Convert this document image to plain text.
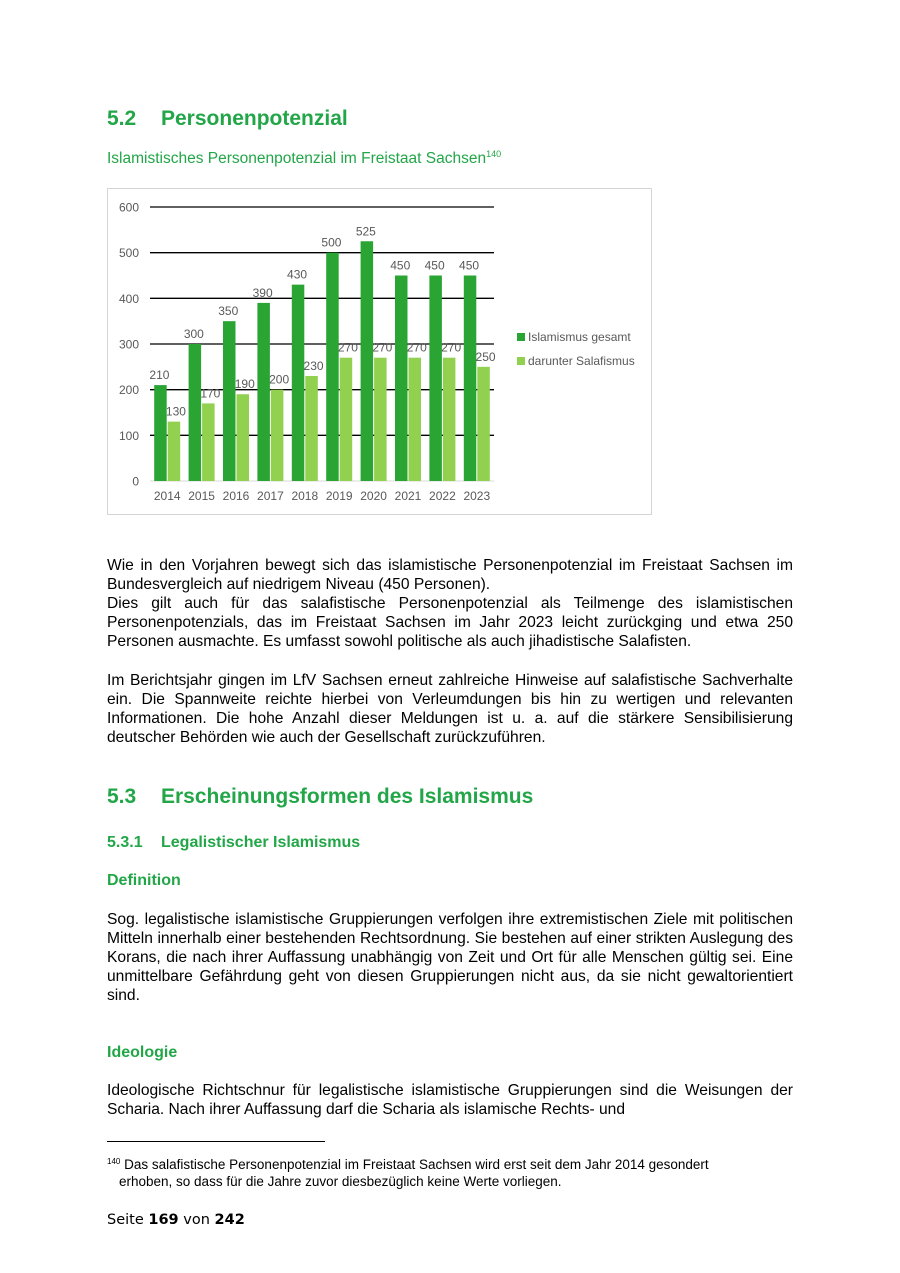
5.2 Personenpotenzial
Islamistisches Personenpotenzial im Freistaat Sachsen$^{140}$
0
100
200
300
400
500
600
2014
210
130
2015
300
170
2016
350
190
2017
390
200
2018
430
230
2019
500
270
2020
525
270
2021
450
270
2022
450
270
2023
450
250
Islamismus gesamt
darunter Salafismus
Wie in den Vorjahren bewegt sich das islamistische Personenpotenzial im Freistaat Sachsen im Bundesvergleich auf niedrigem Niveau (450 Personen).
Dies gilt auch für das salafistische Personenpotenzial als Teilmenge des islamistischen Personenpotenzials, das im Freistaat Sachsen im Jahr 2023 leicht zurückging und etwa 250 Personen ausmachte. Es umfasst sowohl politische als auch jihadistische Salafisten.
Im Berichtsjahr gingen im LfV Sachsen erneut zahlreiche Hinweise auf salafistische Sachverhalte ein. Die Spannweite reichte hierbei von Verleumdungen bis hin zu wertigen und relevanten Informationen. Die hohe Anzahl dieser Meldungen ist u. a. auf die stärkere Sensibilisierung deutscher Behörden wie auch der Gesellschaft zurückzuführen.
5.3 Erscheinungsformen des Islamismus
5.3.1 Legalistischer Islamismus
Definition
Sog. legalistische islamistische Gruppierungen verfolgen ihre extremistischen Ziele mit politischen Mitteln innerhalb einer bestehenden Rechtsordnung. Sie bestehen auf einer strikten Auslegung des Korans, die nach ihrer Auffassung unabhängig von Zeit und Ort für alle Menschen gültig sei. Eine unmittelbare Gefährdung geht von diesen Gruppierungen nicht aus, da sie nicht gewaltorientiert sind.
Ideologie
Ideologische Richtschnur für legalistische islamistische Gruppierungen sind die Weisungen der Scharia. Nach ihrer Auffassung darf die Scharia als islamische Rechts- und
$^{140}$ Das salafistische Personenpotenzial im Freistaat Sachsen wird erst seit dem Jahr 2014 gesondert
erhoben, so dass für die Jahre zuvor diesbezüglich keine Werte vorliegen.
Seite 169 von 242
